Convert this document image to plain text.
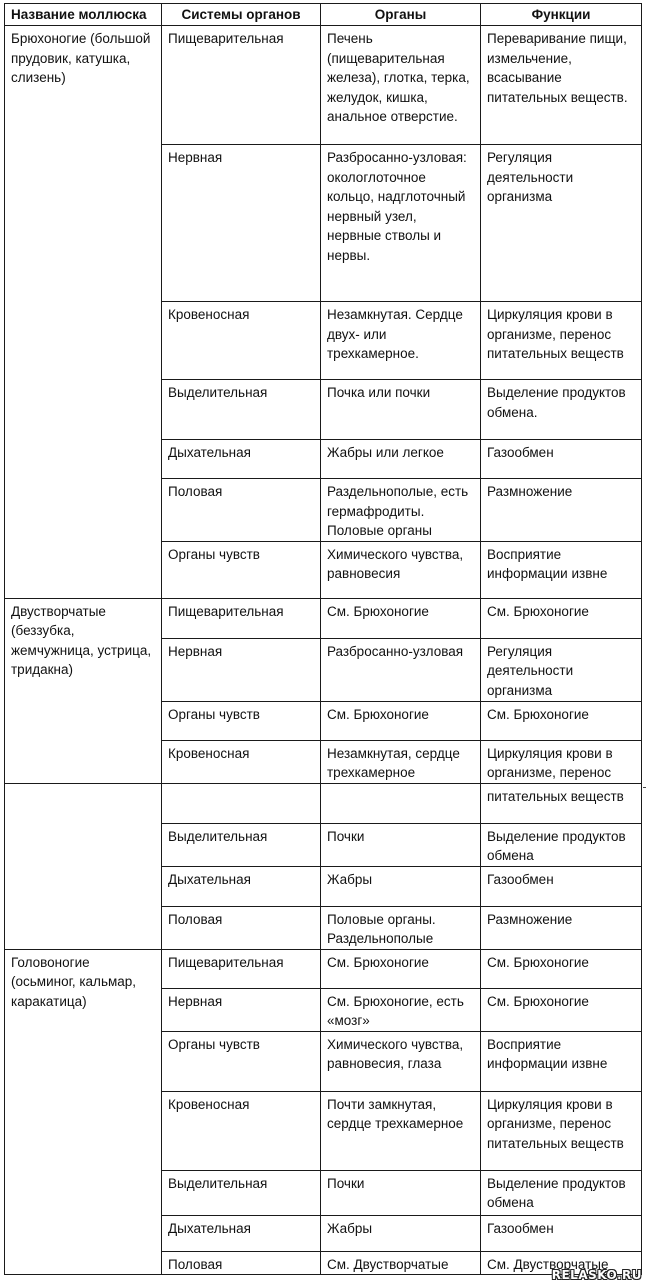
Название моллюска	Системы органов	Органы	Функции
Брюхоногие (большой прудовик, катушка, слизень)	Пищеварительная	Печень (пищеварительная железа), глотка, терка, желудок, кишка, анальное отверстие.	Переваривание пищи, измельчение, всасывание питательных веществ.
	Нервная	Разбросанно-узловая: окологлоточное кольцо, надглоточный нервный узел, нервные стволы и нервы.	Регуляция деятельности организма
	Кровеносная	Незамкнутая. Сердце двух- или трехкамерное.	Циркуляция крови в организме, перенос питательных веществ
	Выделительная	Почка или почки	Выделение продуктов обмена.
	Дыхательная	Жабры или легкое	Газообмен
	Половая	Раздельнополые, есть гермафродиты. Половые органы	Размножение
	Органы чувств	Химического чувства, равновесия	Восприятие информации извне
Двустворчатые (беззубка, жемчужница, устрица, тридакна)	Пищеварительная	См. Брюхоногие	См. Брюхоногие
	Нервная	Разбросанно-узловая	Регуляция деятельности организма
	Органы чувств	См. Брюхоногие	См. Брюхоногие
	Кровеносная	Незамкнутая, сердце трехкамерное	Циркуляция крови в организме, перенос
			питательных веществ
	Выделительная	Почки	Выделение продуктов обмена
	Дыхательная	Жабры	Газообмен
	Половая	Половые органы. Раздельнополые	Размножение
Головоногие (осьминог, кальмар, каракатица)	Пищеварительная	См. Брюхоногие	См. Брюхоногие
	Нервная	См. Брюхоногие, есть «мозг»	См. Брюхоногие
	Органы чувств	Химического чувства, равновесия, глаза	Восприятие информации извне
	Кровеносная	Почти замкнутая, сердце трехкамерное	Циркуляция крови в организме, перенос питательных веществ
	Выделительная	Почки	Выделение продуктов обмена
	Дыхательная	Жабры	Газообмен
	Половая	См. Двустворчатые	См. Двустворчатые
RELASKO.RU
